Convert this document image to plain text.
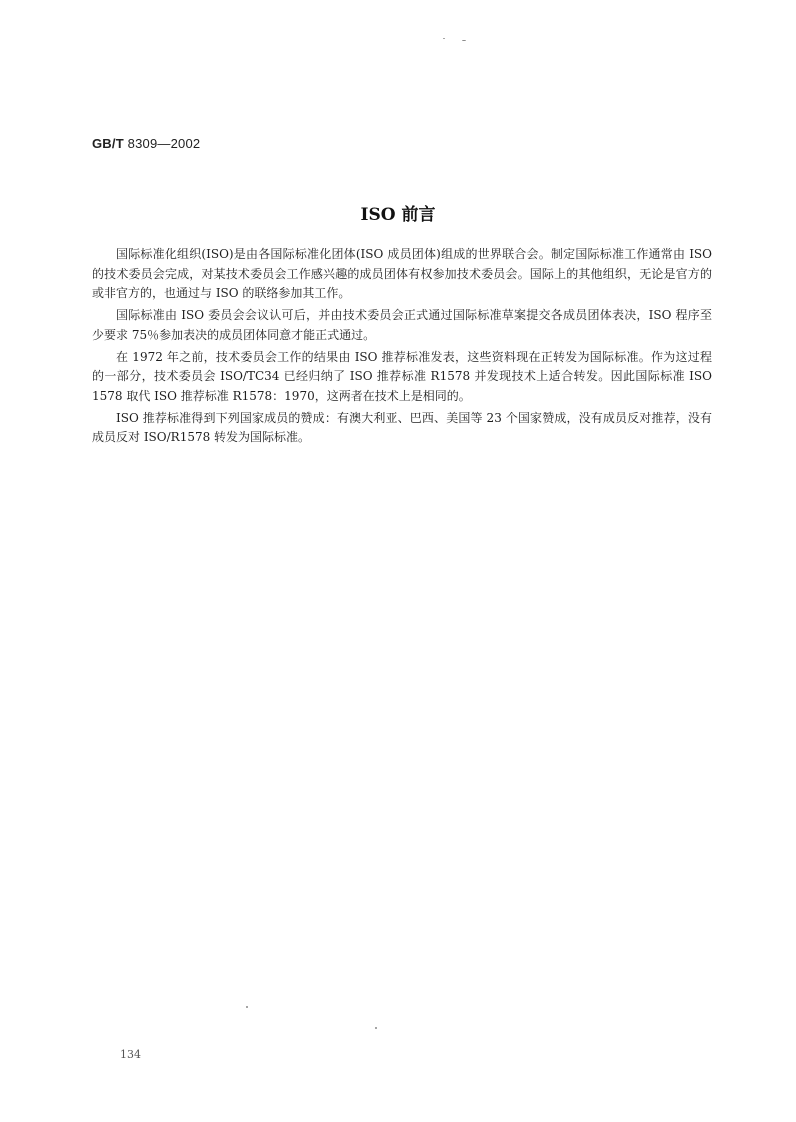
GB/T 8309—2002
ISO 前言

国际标准化组织(ISO)是由各国际标准化团体(ISO 成员团体)组成的世界联合会。制定国际标准工作通常由 ISO 的技术委员会完成，对某技术委员会工作感兴趣的成员团体有权参加技术委员会。国际上的其他组织，无论是官方的或非官方的，也通过与 ISO 的联络参加其工作。

国际标准由 ISO 委员会会议认可后，并由技术委员会正式通过国际标准草案提交各成员团体表决，ISO 程序至少要求 75％参加表决的成员团体同意才能正式通过。

在 1972 年之前，技术委员会工作的结果由 ISO 推荐标准发表，这些资料现在正转发为国际标准。作为这过程的一部分，技术委员会 ISO/TC34 已经归纳了 ISO 推荐标准 R1578 并发现技术上适合转发。因此国际标准 ISO 1578 取代 ISO 推荐标准 R1578：1970，这两者在技术上是相同的。

ISO 推荐标准得到下列国家成员的赞成：有澳大利亚、巴西、美国等 23 个国家赞成，没有成员反对推荐，没有成员反对 ISO/R1578 转发为国际标准。

134
